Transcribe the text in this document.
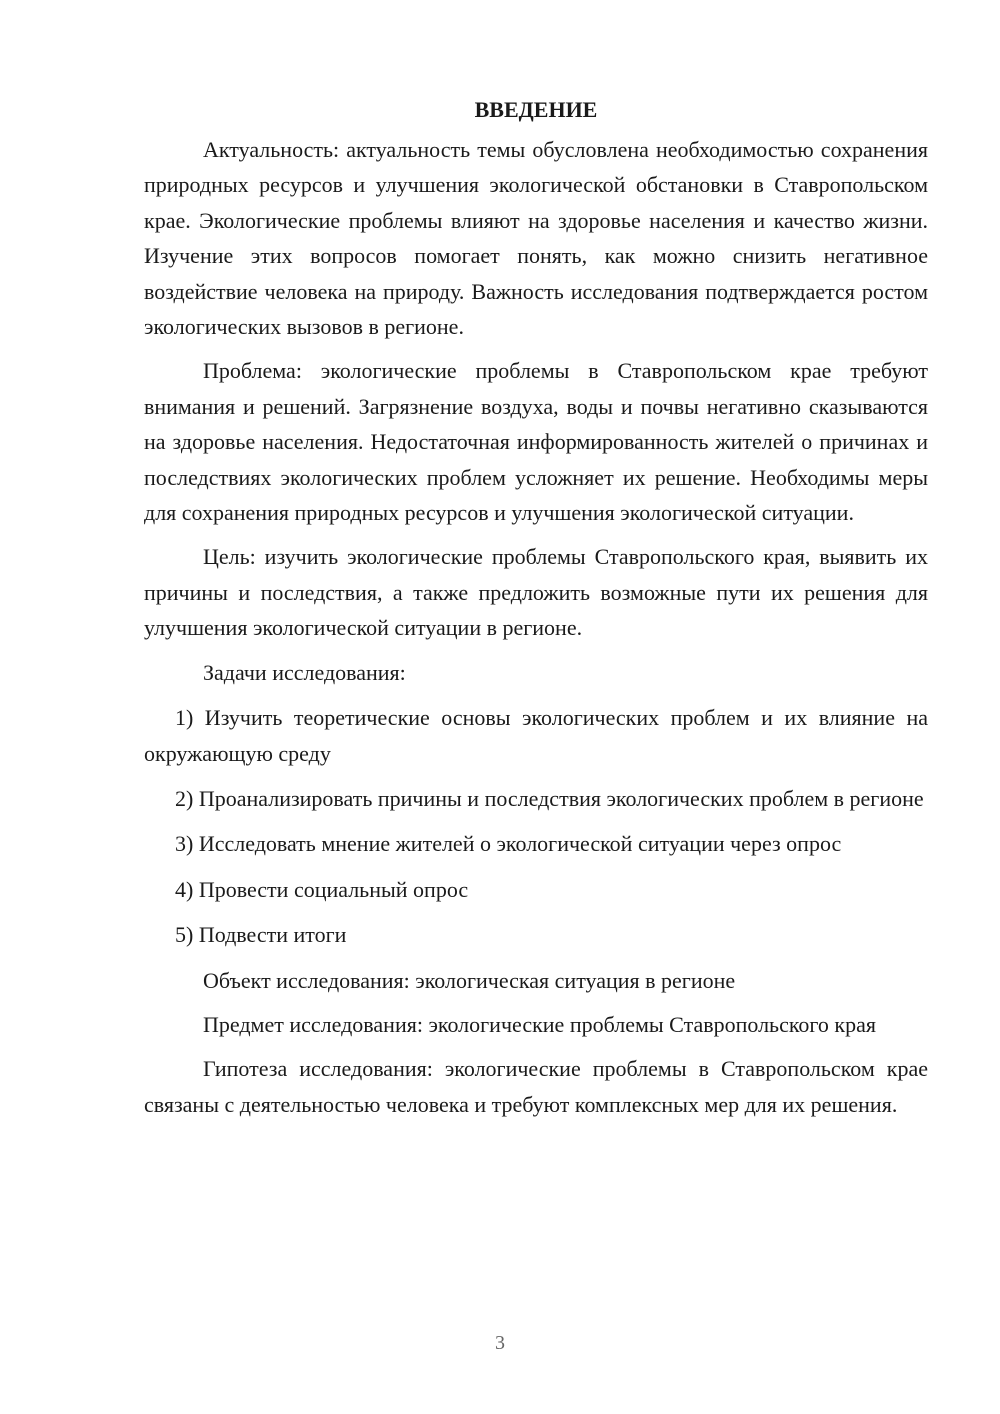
ВВЕДЕНИЕ

Актуальность: актуальность темы обусловлена необходимостью сохранения природных ресурсов и улучшения экологической обстановки в Ставропольском крае. Экологические проблемы влияют на здоровье населения и качество жизни. Изучение этих вопросов помогает понять, как можно снизить негативное воздействие человека на природу. Важность исследования подтверждается ростом экологических вызовов в регионе.

Проблема: экологические проблемы в Ставропольском крае требуют внимания и решений. Загрязнение воздуха, воды и почвы негативно сказываются на здоровье населения. Недостаточная информированность жителей о причинах и последствиях экологических проблем усложняет их решение. Необходимы меры для сохранения природных ресурсов и улучшения экологической ситуации.

Цель: изучить экологические проблемы Ставропольского края, выявить их причины и последствия, а также предложить возможные пути их решения для улучшения экологической ситуации в регионе.

Задачи исследования:

1) Изучить теоретические основы экологических проблем и их влияние на окружающую среду

2) Проанализировать причины и последствия экологических проблем в регионе

3) Исследовать мнение жителей о экологической ситуации через опрос

4) Провести социальный опрос

5) Подвести итоги

Объект исследования: экологическая ситуация в регионе

Предмет исследования: экологические проблемы Ставропольского края

Гипотеза исследования: экологические проблемы в Ставропольском крае связаны с деятельностью человека и требуют комплексных мер для их решения.

3
